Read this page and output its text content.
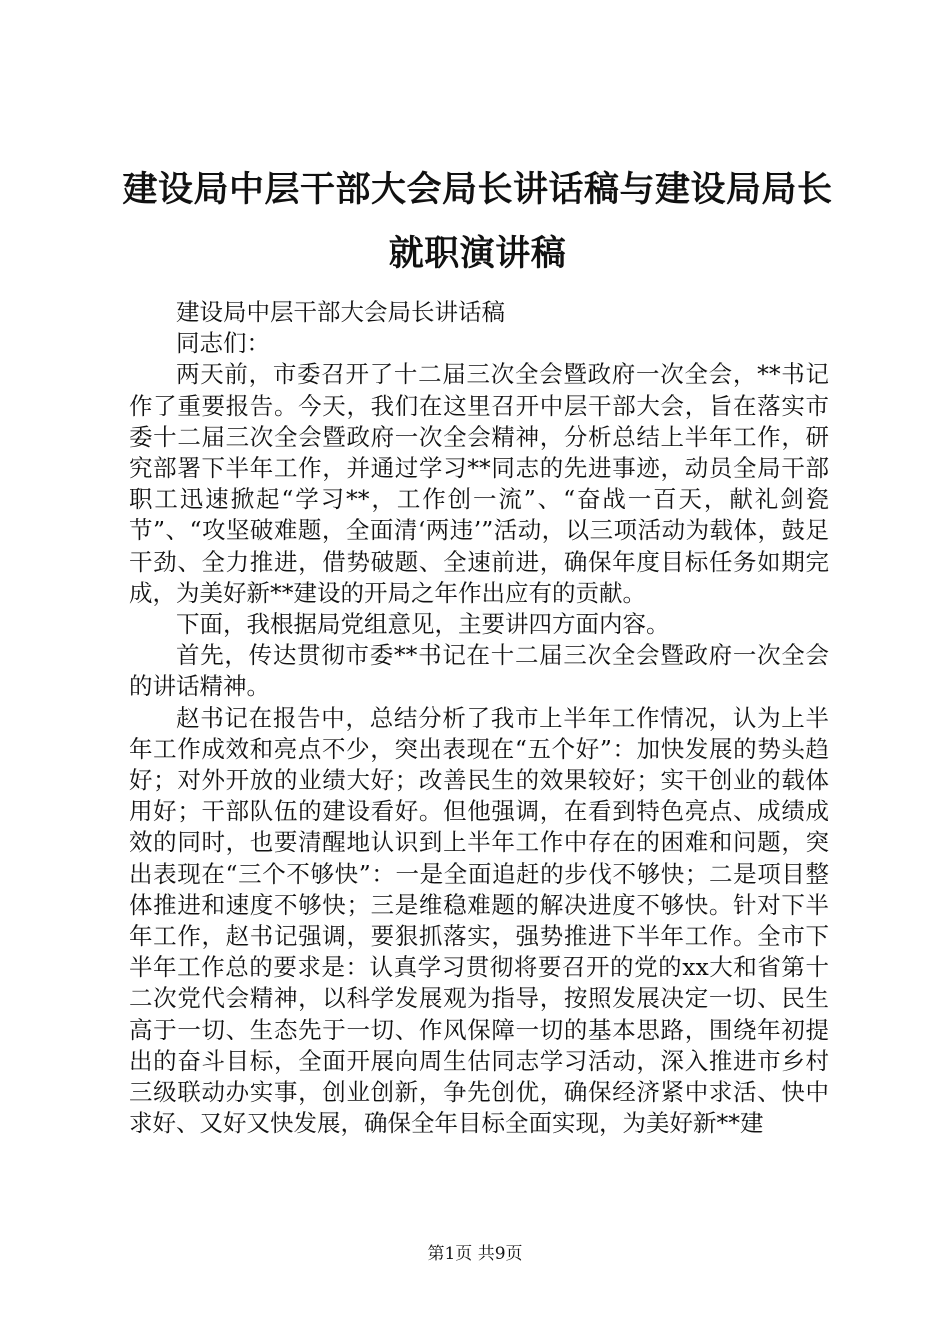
建设局中层干部大会局长讲话稿与建设局局长
就职演讲稿

建设局中层干部大会局长讲话稿

同志们：

两天前，市委召开了十二届三次全会暨政府一次全会，**书记作了重要报告。今天，我们在这里召开中层干部大会，旨在落实市委十二届三次全会暨政府一次全会精神，分析总结上半年工作，研究部署下半年工作，并通过学习**同志的先进事迹，动员全局干部职工迅速掀起“学习**，工作创一流”、“奋战一百天，献礼剑瓷节”、“攻坚破难题，全面清‘两违’”活动，以三项活动为载体，鼓足干劲、全力推进，借势破题、全速前进，确保年度目标任务如期完成，为美好新**建设的开局之年作出应有的贡献。

下面，我根据局党组意见，主要讲四方面内容。

首先，传达贯彻市委**书记在十二届三次全会暨政府一次全会的讲话精神。

赵书记在报告中，总结分析了我市上半年工作情况，认为上半年工作成效和亮点不少，突出表现在“五个好”：加快发展的势头趋好；对外开放的业绩大好；改善民生的效果较好；实干创业的载体用好；干部队伍的建设看好。但他强调，在看到特色亮点、成绩成效的同时，也要清醒地认识到上半年工作中存在的困难和问题，突出表现在“三个不够快”：一是全面追赶的步伐不够快；二是项目整体推进和速度不够快；三是维稳难题的解决进度不够快。针对下半年工作，赵书记强调，要狠抓落实，强势推进下半年工作。全市下半年工作总的要求是：认真学习贯彻将要召开的党的xx大和省第十二次党代会精神，以科学发展观为指导，按照发展决定一切、民生高于一切、生态先于一切、作风保障一切的基本思路，围绕年初提出的奋斗目标，全面开展向周生估同志学习活动，深入推进市乡村三级联动办实事，创业创新，争先创优，确保经济紧中求活、快中求好、又好又快发展，确保全年目标全面实现，为美好新**建

第1页 共9页
